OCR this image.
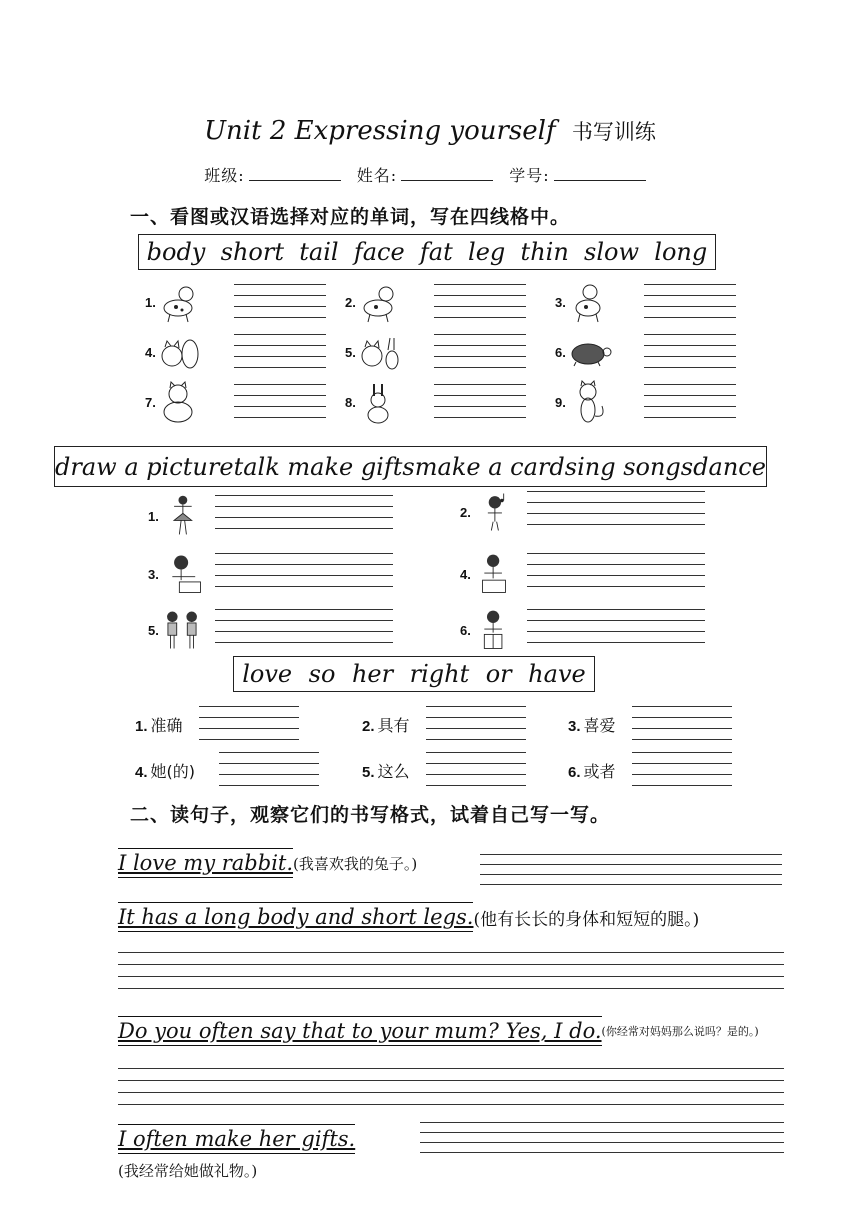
Unit 2 Expressing yourself 书写训练
班级:	姓名:	学号:
一、看图或汉语选择对应的单词，写在四线格中。
body short tail face fat leg thin slow long
1.	2.	3.
4.	5.	6.
7.	8.	9.
draw a picture talk make gifts make a card sing songs dance
1.	2.
3.	4.
5.	6.
love so her right or have
1. 准确	2. 具有	3. 喜爱
4. 她(的)	5. 这么	6. 或者
二、读句子，观察它们的书写格式，试着自己写一写。
I love my rabbit. (我喜欢我的兔子。)
It has a long body and short legs. (他有长长的身体和短短的腿。)
Do you often say that to your mum? Yes, I do. (你经常对妈妈那么说吗？是的。)
I often make her gifts.
(我经常给她做礼物。)
